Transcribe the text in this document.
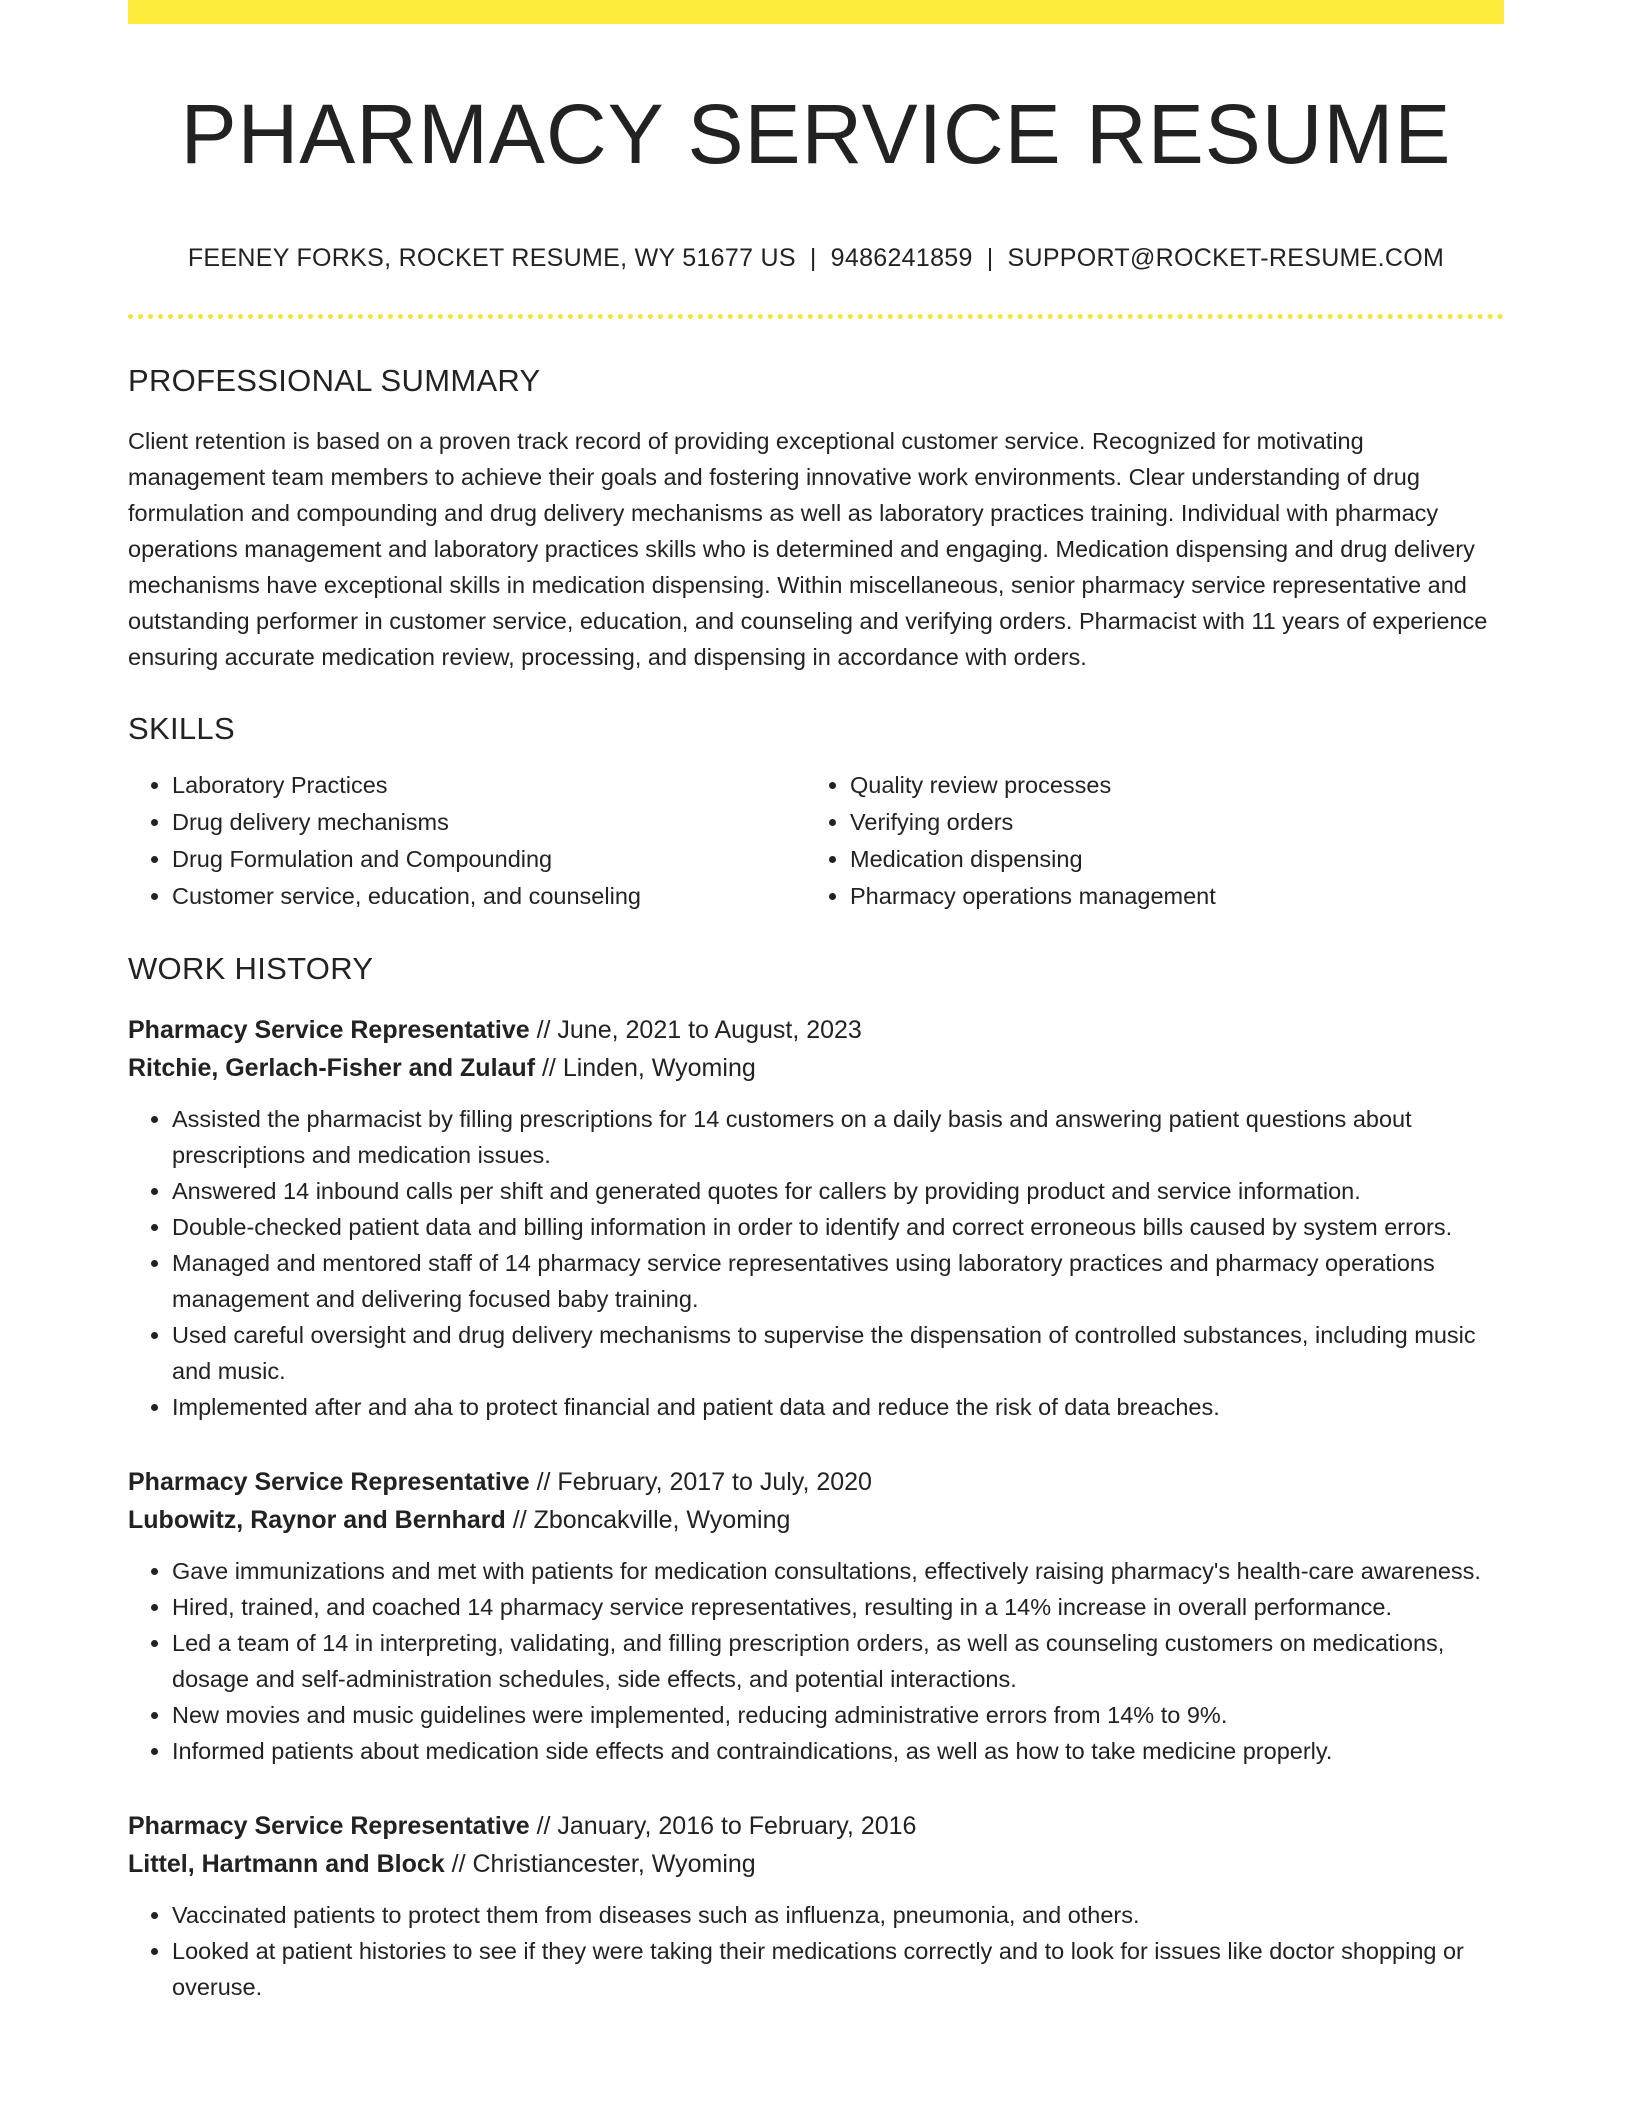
PHARMACY SERVICE RESUME
FEENEY FORKS, ROCKET RESUME, WY 51677 US | 9486241859 | SUPPORT@ROCKET-RESUME.COM
PROFESSIONAL SUMMARY

Client retention is based on a proven track record of providing exceptional customer service. Recognized for motivating management team members to achieve their goals and fostering innovative work environments. Clear understanding of drug formulation and compounding and drug delivery mechanisms as well as laboratory practices training. Individual with pharmacy operations management and laboratory practices skills who is determined and engaging. Medication dispensing and drug delivery mechanisms have exceptional skills in medication dispensing. Within miscellaneous, senior pharmacy service representative and outstanding performer in customer service, education, and counseling and verifying orders. Pharmacist with 11 years of experience ensuring accurate medication review, processing, and dispensing in accordance with orders.

SKILLS
• Laboratory Practices
• Drug delivery mechanisms
• Drug Formulation and Compounding
• Customer service, education, and counseling
• Quality review processes
• Verifying orders
• Medication dispensing
• Pharmacy operations management
WORK HISTORY
Pharmacy Service Representative // June, 2021 to August, 2023
Ritchie, Gerlach-Fisher and Zulauf // Linden, Wyoming
• Assisted the pharmacist by filling prescriptions for 14 customers on a daily basis and answering patient questions about prescriptions and medication issues.
• Answered 14 inbound calls per shift and generated quotes for callers by providing product and service information.
• Double-checked patient data and billing information in order to identify and correct erroneous bills caused by system errors.
• Managed and mentored staff of 14 pharmacy service representatives using laboratory practices and pharmacy operations management and delivering focused baby training.
• Used careful oversight and drug delivery mechanisms to supervise the dispensation of controlled substances, including music and music.
• Implemented after and aha to protect financial and patient data and reduce the risk of data breaches.
Pharmacy Service Representative // February, 2017 to July, 2020
Lubowitz, Raynor and Bernhard // Zboncakville, Wyoming
• Gave immunizations and met with patients for medication consultations, effectively raising pharmacy's health-care awareness.
• Hired, trained, and coached 14 pharmacy service representatives, resulting in a 14% increase in overall performance.
• Led a team of 14 in interpreting, validating, and filling prescription orders, as well as counseling customers on medications, dosage and self-administration schedules, side effects, and potential interactions.
• New movies and music guidelines were implemented, reducing administrative errors from 14% to 9%.
• Informed patients about medication side effects and contraindications, as well as how to take medicine properly.
Pharmacy Service Representative // January, 2016 to February, 2016
Littel, Hartmann and Block // Christiancester, Wyoming
• Vaccinated patients to protect them from diseases such as influenza, pneumonia, and others.
• Looked at patient histories to see if they were taking their medications correctly and to look for issues like doctor shopping or overuse.
